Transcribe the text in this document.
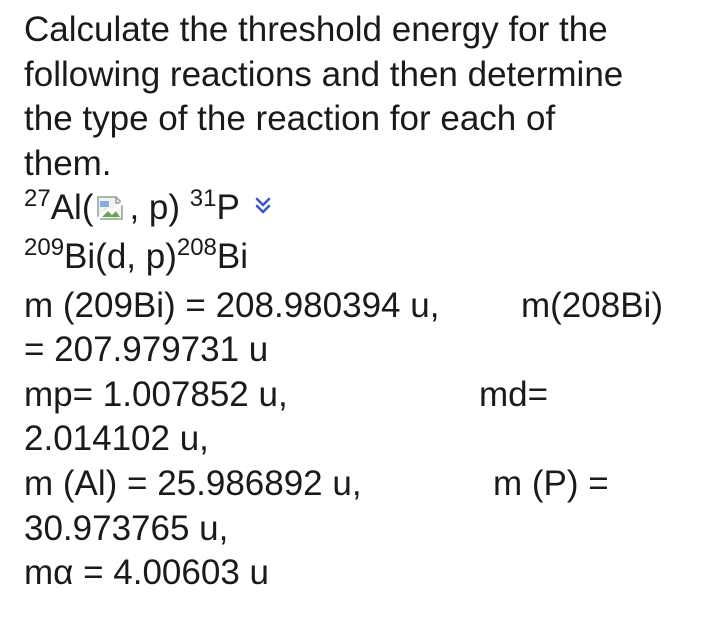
Calculate the threshold energy for the
following reactions and then determine
the type of the reaction for each of
them.
$^{27}$Al( , p) $^{31}$P
$^{209}$Bi(d, p)$^{208}$Bi
m (209Bi) = 208.980394 u, m(208Bi)
= 207.979731 u
mp= 1.007852 u,	md=
2.014102 u,
m (Al) = 25.986892 u,	m (P) =
30.973765 u,
mα = 4.00603 u
